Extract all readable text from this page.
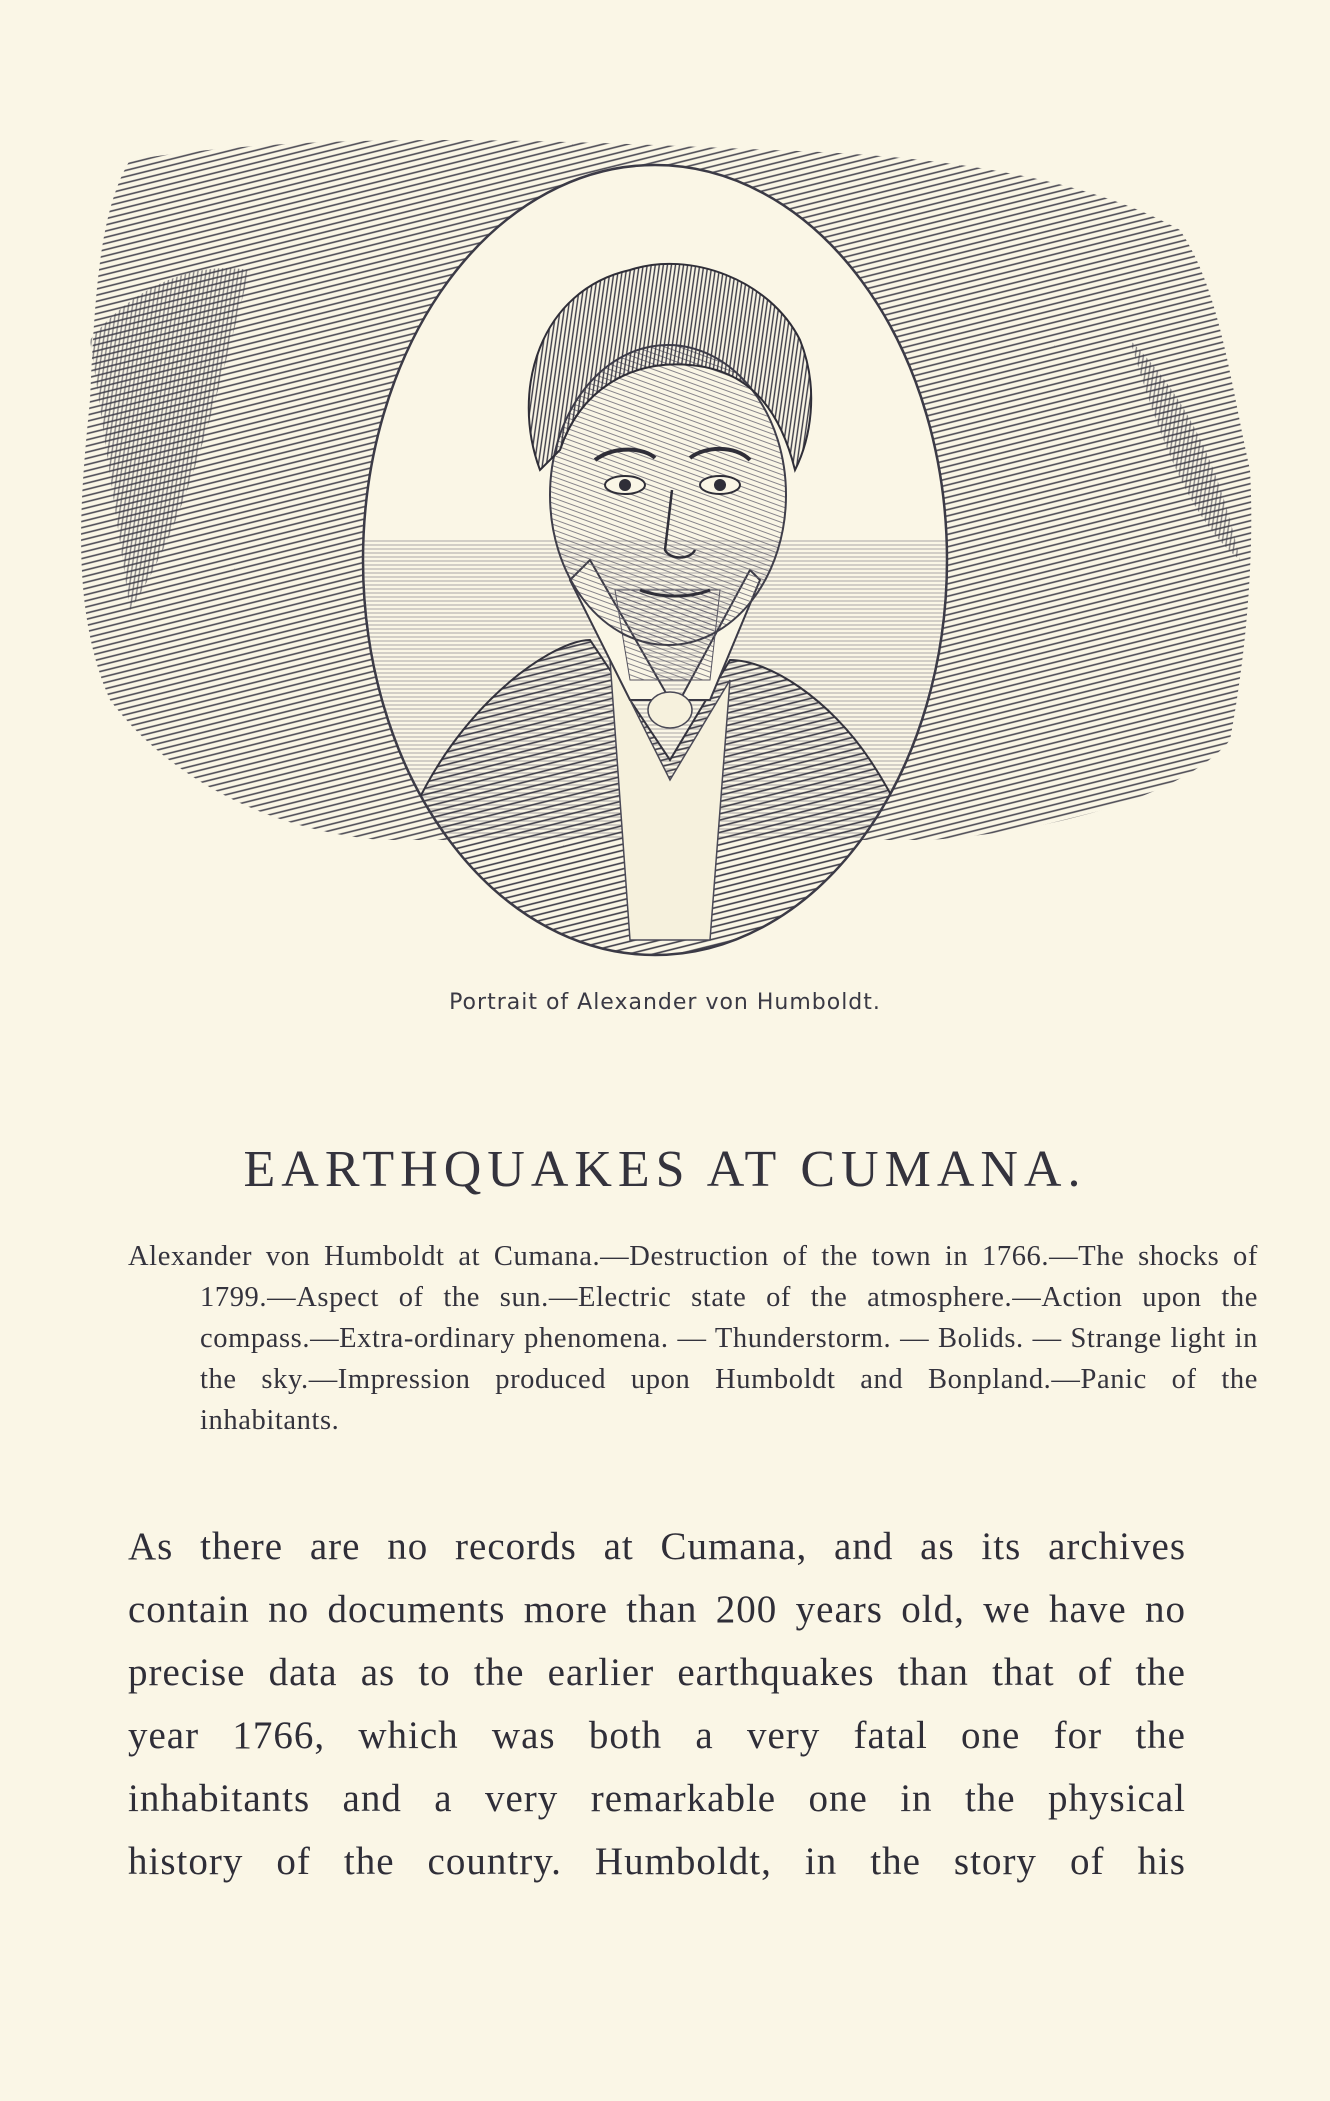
Portrait of Alexander von Humboldt.
EARTHQUAKES AT CUMANA.

Alexander von Humboldt at Cumana.—Destruction of the town in 1766.—The shocks of 1799.—Aspect of the sun.—Electric state of the atmosphere.—Action upon the compass.—Extra-ordinary phenomena. — Thunderstorm. — Bolids. — Strange light in the sky.—Impression produced upon Humboldt and Bonpland.—Panic of the inhabitants.

As there are no records at Cumana, and as its archives contain no documents more than 200 years old, we have no precise data as to the earlier earthquakes than that of the year 1766, which was both a very fatal one for the inhabitants and a very remarkable one in the physical history of the country. Humboldt, in the story of his
